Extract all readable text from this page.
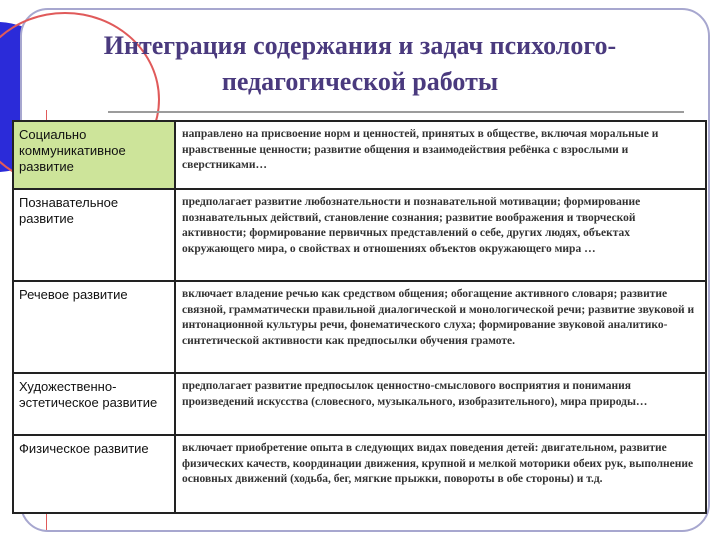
Интеграция содержания и задач психолого-педагогической работы
Социально коммуникативное развитие	направлено на присвоение норм и ценностей, принятых в обществе, включая моральные и нравственные ценности; развитие общения и взаимодействия ребёнка с взрослыми и сверстниками…
Познавательное развитие	предполагает развитие любознательности и познавательной мотивации; формирование познавательных действий, становление сознания; развитие воображения и творческой активности; формирование первичных представлений о себе, других людях, объектах окружающего мира, о свойствах и отношениях объектов окружающего мира …
Речевое развитие	включает владение речью как средством общения; обогащение активного словаря; развитие связной, грамматически правильной диалогической и монологической речи; развитие звуковой и интонационной культуры речи, фонематического слуха; формирование звуковой аналитико-синтетической активности как предпосылки обучения грамоте.
Художественно-эстетическое развитие	предполагает развитие предпосылок ценностно-смыслового восприятия и понимания произведений искусства (словесного, музыкального, изобразительного), мира природы…
Физическое развитие	включает приобретение опыта в следующих видах поведения детей: двигательном, развитие физических качеств, координации движения, крупной и мелкой моторики обеих рук, выполнение основных движений (ходьба, бег, мягкие прыжки, повороты в обе стороны) и т.д.
